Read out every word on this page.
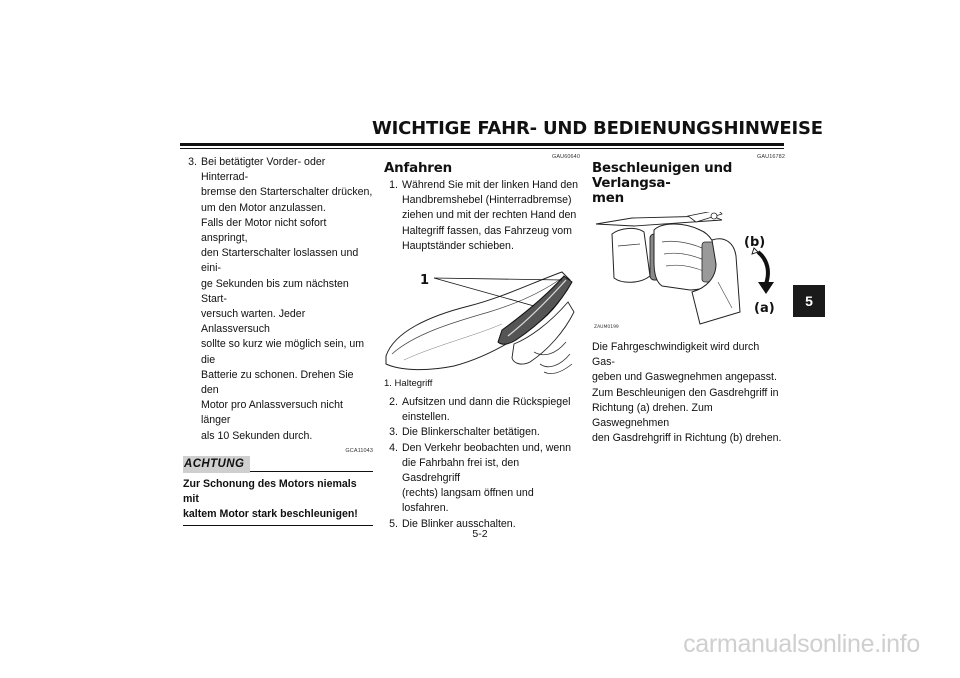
WICHTIGE FAHR- UND BEDIENUNGSHINWEISE
5
3. Bei betätigter Vorder- oder Hinterrad-
bremse den Starterschalter drücken,
um den Motor anzulassen.
Falls der Motor nicht sofort anspringt,
den Starterschalter loslassen und eini-
ge Sekunden bis zum nächsten Start-
versuch warten. Jeder Anlassversuch
sollte so kurz wie möglich sein, um die
Batterie zu schonen. Drehen Sie den
Motor pro Anlassversuch nicht länger
als 10 Sekunden durch.
GCA11043
ACHTUNG
Zur Schonung des Motors niemals mit
kaltem Motor stark beschleunigen!
GAU60640
Anfahren
1. Während Sie mit der linken Hand den
Handbremshebel (Hinterradbremse)
ziehen und mit der rechten Hand den
Haltegriff fassen, das Fahrzeug vom
Hauptständer schieben.
1
1. Haltegriff
2. Aufsitzen und dann die Rückspiegel
einstellen.
3. Die Blinkerschalter betätigen.
4. Den Verkehr beobachten und, wenn
die Fahrbahn frei ist, den Gasdrehgriff
(rechts) langsam öffnen und losfahren.
5. Die Blinker ausschalten.
GAU16782
Beschleunigen und Verlangsa-
men
(b)
(a)
ZAUM0199
Die Fahrgeschwindigkeit wird durch Gas-
geben und Gaswegnehmen angepasst.
Zum Beschleunigen den Gasdrehgriff in
Richtung (a) drehen. Zum Gaswegnehmen
den Gasdrehgriff in Richtung (b) drehen.
5-2
carmanualsonline.info
